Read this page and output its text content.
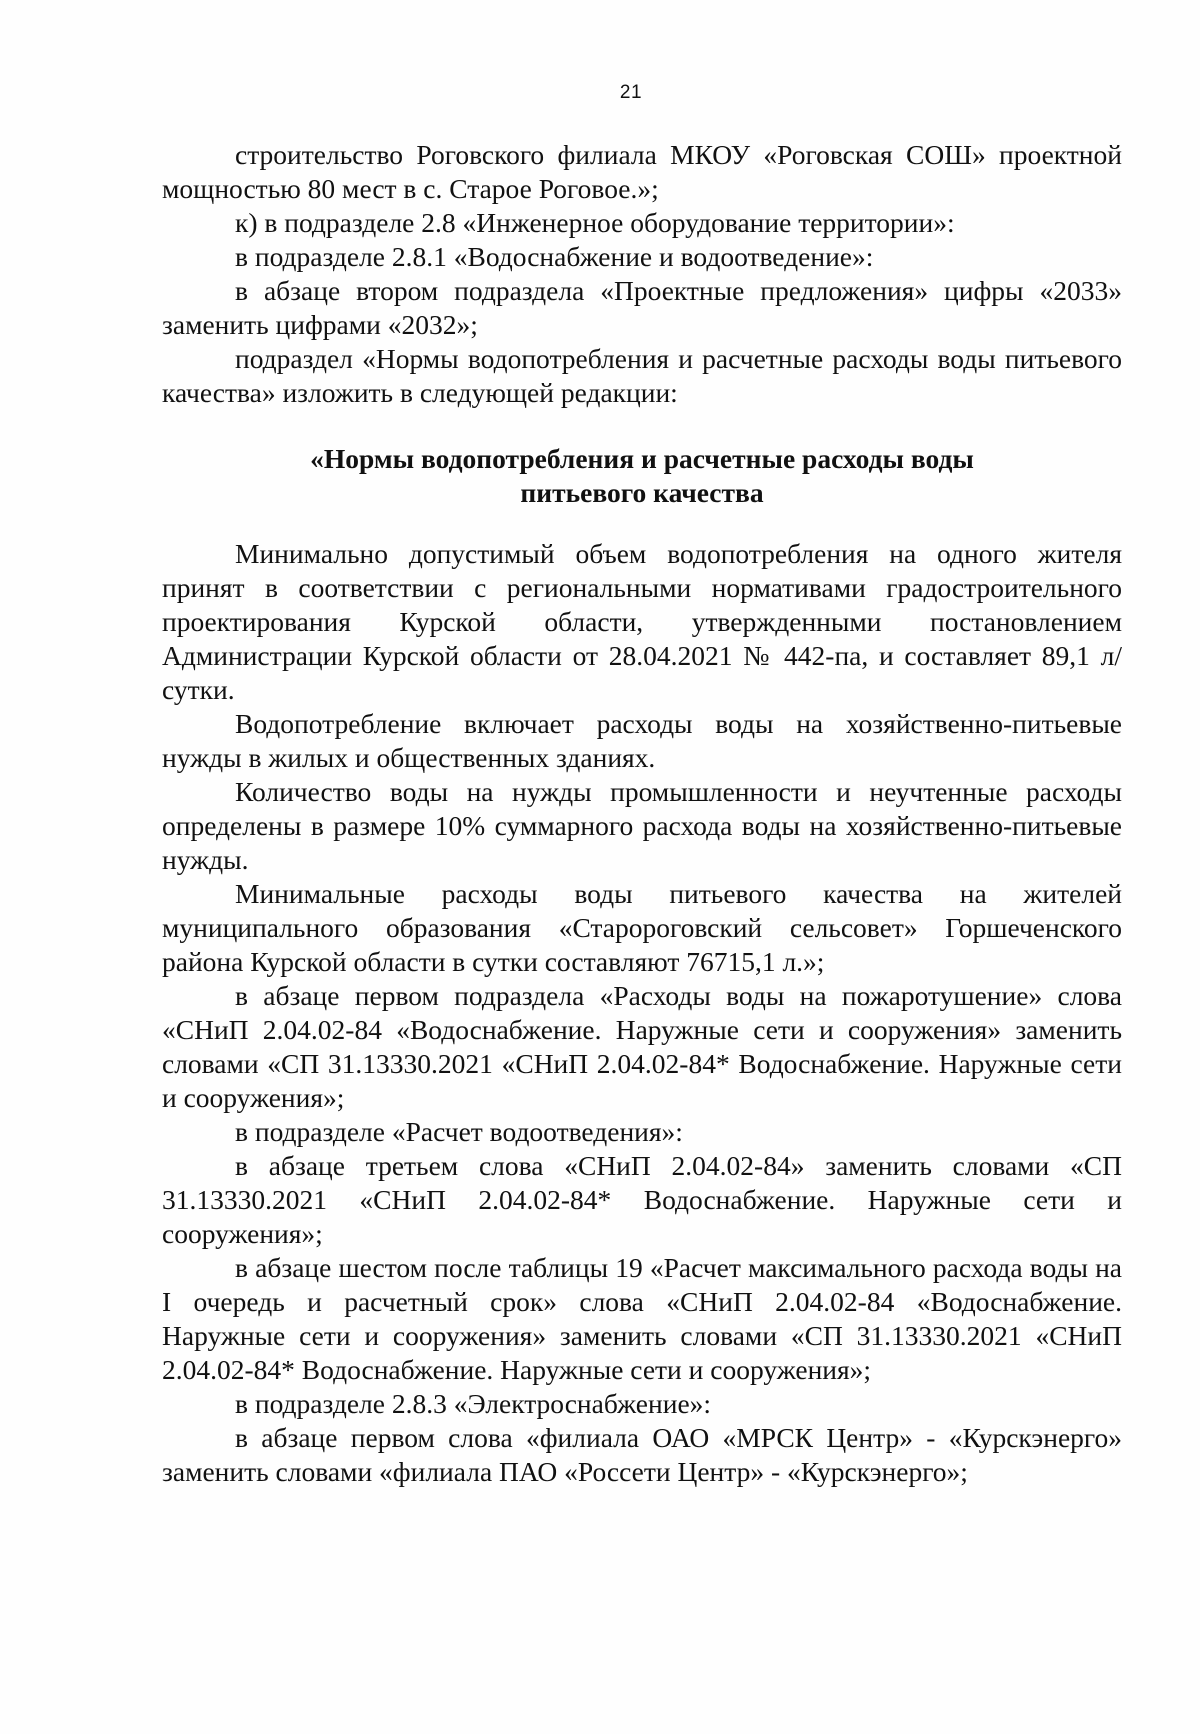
21

строительство Роговского филиала МКОУ «Роговская СОШ» проектной мощностью 80 мест в с. Старое Роговое.»;

к) в подразделе 2.8 «Инженерное оборудование территории»:

в подразделе 2.8.1 «Водоснабжение и водоотведение»:

в абзаце втором подраздела «Проектные предложения» цифры «2033» заменить цифрами «2032»;

подраздел «Нормы водопотребления и расчетные расходы воды питьевого качества» изложить в следующей редакции:

«Нормы водопотребления и расчетные расходы воды
питьевого качества

Минимально допустимый объем водопотребления на одного жителя принят в соответствии с региональными нормативами градостроительного проектирования Курской области, утвержденными постановлением Администрации Курской области от 28.04.2021 № 442-па, и составляет 89,1 л/сутки.

Водопотребление включает расходы воды на хозяйственно-питьевые нужды в жилых и общественных зданиях.

Количество воды на нужды промышленности и неучтенные расходы определены в размере 10% суммарного расхода воды на хозяйственно-питьевые нужды.

Минимальные расходы воды питьевого качества на жителей муниципального образования «Старороговский сельсовет» Горшеченского района Курской области в сутки составляют 76715,1 л.»;

в абзаце первом подраздела «Расходы воды на пожаротушение» слова «СНиП 2.04.02-84 «Водоснабжение. Наружные сети и сооружения» заменить словами «СП 31.13330.2021 «СНиП 2.04.02-84* Водоснабжение. Наружные сети и сооружения»;

в подразделе «Расчет водоотведения»:

в абзаце третьем слова «СНиП 2.04.02-84» заменить словами «СП 31.13330.2021 «СНиП 2.04.02-84* Водоснабжение. Наружные сети и сооружения»;

в абзаце шестом после таблицы 19 «Расчет максимального расхода воды на I очередь и расчетный срок» слова «СНиП 2.04.02-84 «Водоснабжение. Наружные сети и сооружения» заменить словами «СП 31.13330.2021 «СНиП 2.04.02-84* Водоснабжение. Наружные сети и сооружения»;

в подразделе 2.8.3 «Электроснабжение»:

в абзаце первом слова «филиала ОАО «МРСК Центр» - «Курскэнерго» заменить словами «филиала ПАО «Россети Центр» - «Курскэнерго»;
